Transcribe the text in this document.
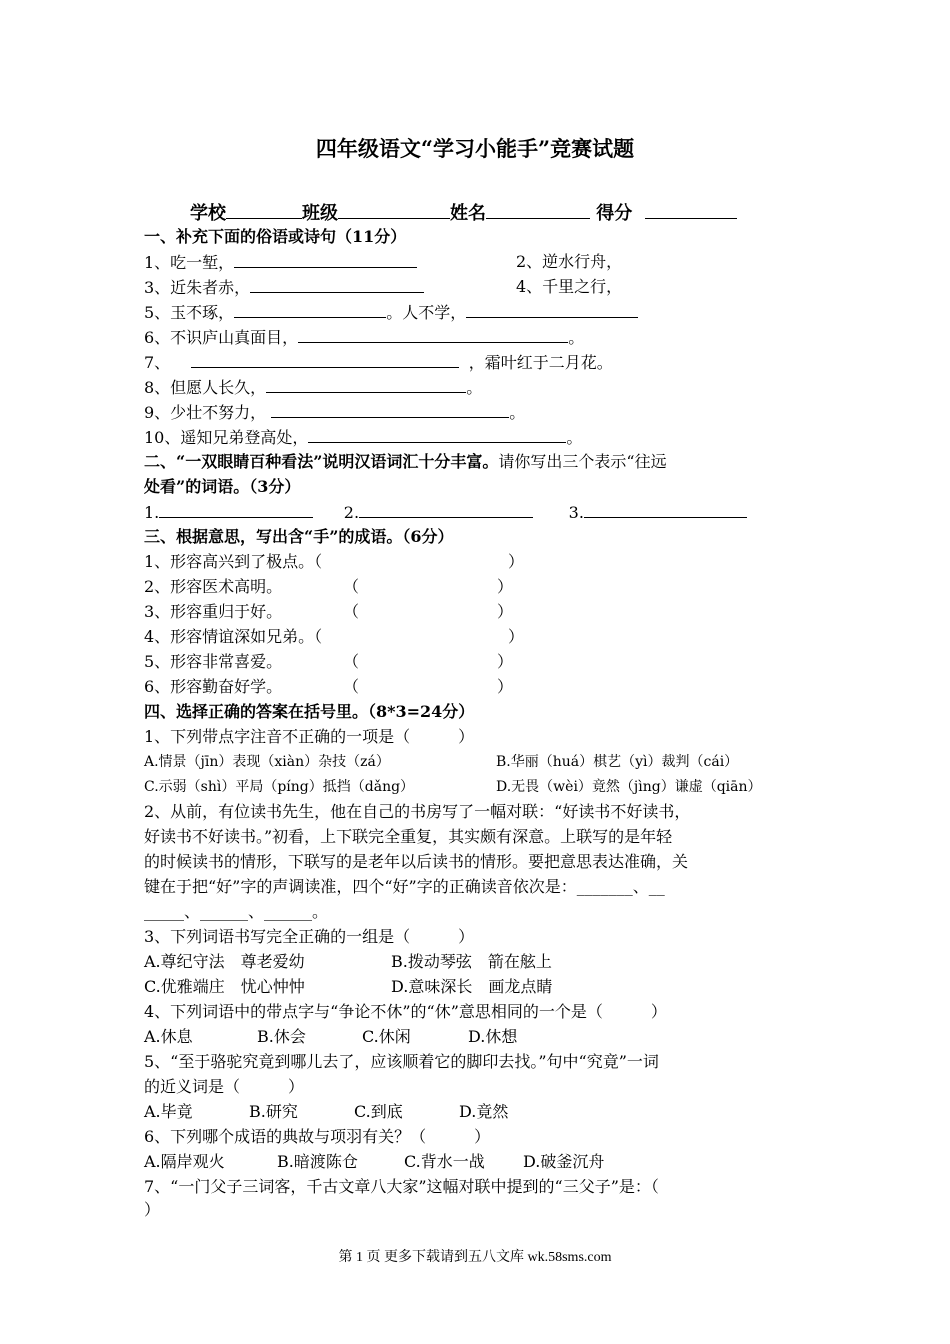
四年级语文“学习小能手”竞赛试题
学校	班级	姓名	得分
一、补充下面的俗语或诗句（11分）
1、吃一堑，	2、逆水行舟，
3、近朱者赤，	4、千里之行，
5、玉不琢，	。人不学，
6、不识庐山真面目，	。
7、	，霜叶红于二月花。
8、但愿人长久，	。
9、少壮不努力，	。
10、遥知兄弟登高处，	。
二、“一双眼睛百种看法”说明汉语词汇十分丰富。请你写出三个表示“往远
处看”的词语。（3分）
1.	2.	3.
三、根据意思，写出含“手”的成语。（6分）
1、形容高兴到了极点。（	）
2、形容医术高明。	（	）
3、形容重归于好。	（	）
4、形容情谊深如兄弟。（	）
5、形容非常喜爱。	（	）
6、形容勤奋好学。	（	）
四、选择正确的答案在括号里。（8*3=24分）
1、下列带点字注音不正确的一项是（　　　）
A.情景（jīn）表现（xiàn）杂技（zá）	B.华丽（huá）棋艺（yì）裁判（cái）
C.示弱（shì）平局（píng）抵挡（dǎng）	D.无畏（wèi）竟然（jìng）谦虚（qiān）
2、从前，有位读书先生，他在自己的书房写了一幅对联：“好读书不好读书，
好读书不好读书。”初看，上下联完全重复，其实颇有深意。上联写的是年轻
的时候读书的情形，下联写的是老年以后读书的情形。要把意思表达准确，关
键在于把“好”字的声调读准，四个“好”字的正确读音依次是：_______、__
_____、______、______。
3、下列词语书写完全正确的一组是（　　　）
A.尊纪守法　尊老爱幼	B.拨动琴弦　箭在舷上
C.优雅端庄　忧心忡忡	D.意味深长　画龙点睛
4、下列词语中的带点字与“争论不休”的“休”意思相同的一个是（　　　）
A.休息	B.休会	C.休闲	D.休想
5、“至于骆驼究竟到哪儿去了，应该顺着它的脚印去找。”句中“究竟”一词
的近义词是（　　　）
A.毕竟	B.研究	C.到底	D.竟然
6、下列哪个成语的典故与项羽有关？（　　　）
A.隔岸观火	B.暗渡陈仓	C.背水一战 D.破釜沉舟
7、“一门父子三词客，千古文章八大家”这幅对联中提到的“三父子”是：（
）
第 1 页 更多下载请到五八文库 wk.58sms.com
